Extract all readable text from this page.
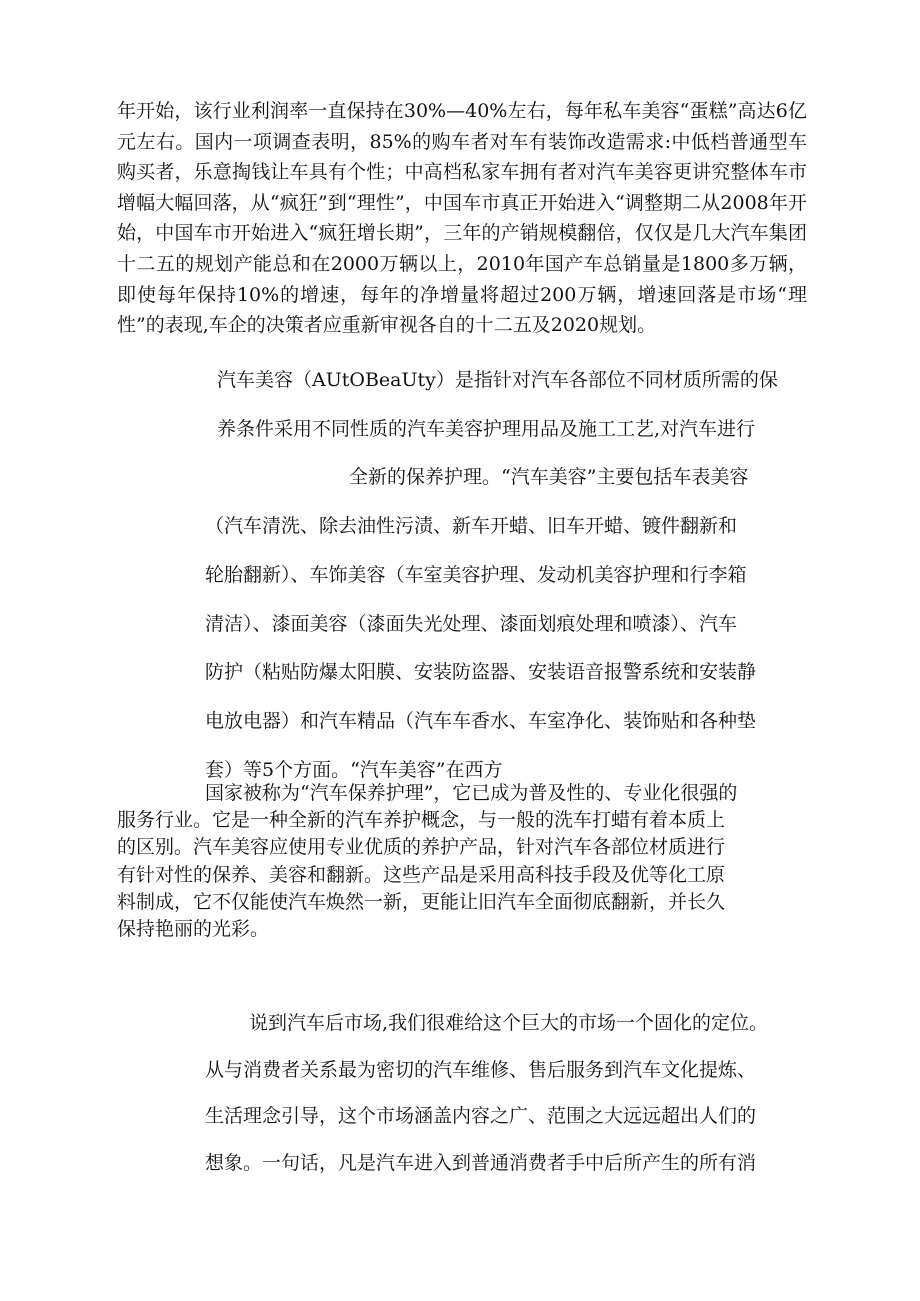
年开始，该行业利润率一直保持在30%—40%左右，每年私车美容“蛋糕”高达6亿元左右。国内一项调查表明，85%的购车者对车有装饰改造需求:中低档普通型车购买者，乐意掏钱让车具有个性；中高档私家车拥有者对汽车美容更讲究整体车市增幅大幅回落，从“疯狂”到“理性”，中国车市真正开始进入“调整期二从2008年开始，中国车市开始进入“疯狂增长期”，三年的产销规模翻倍，仅仅是几大汽车集团十二五的规划产能总和在2000万辆以上，2010年国产车总销量是1800多万辆，即使每年保持10%的增速，每年的净增量将超过200万辆，增速回落是市场“理性”的表现,车企的决策者应重新审视各自的十二五及2020规划。

汽车美容（AUtOBeaUty）是指针对汽车各部位不同材质所需的保
养条件采用不同性质的汽车美容护理用品及施工工艺,对汽车进行
全新的保养护理。“汽车美容”主要包括车表美容
（汽车清洗、除去油性污渍、新车开蜡、旧车开蜡、镀件翻新和
轮胎翻新）、车饰美容（车室美容护理、发动机美容护理和行李箱
清洁）、漆面美容（漆面失光处理、漆面划痕处理和喷漆）、汽车
防护（粘贴防爆太阳膜、安装防盗器、安装语音报警系统和安装静
电放电器）和汽车精品（汽车车香水、车室净化、装饰贴和各种垫
套）等5个方面。“汽车美容”在西方
国家被称为“汽车保养护理”，它已成为普及性的、专业化很强的
服务行业。它是一种全新的汽车养护概念，与一般的洗车打蜡有着本质上
的区别。汽车美容应使用专业优质的养护产品，针对汽车各部位材质进行
有针对性的保养、美容和翻新。这些产品是采用高科技手段及优等化工原
料制成，它不仅能使汽车焕然一新，更能让旧汽车全面彻底翻新，并长久
保持艳丽的光彩。
说到汽车后市场,我们很难给这个巨大的市场一个固化的定位。
从与消费者关系最为密切的汽车维修、售后服务到汽车文化提炼、
生活理念引导，这个市场涵盖内容之广、范围之大远远超出人们的
想象。一句话，凡是汽车进入到普通消费者手中后所产生的所有消
